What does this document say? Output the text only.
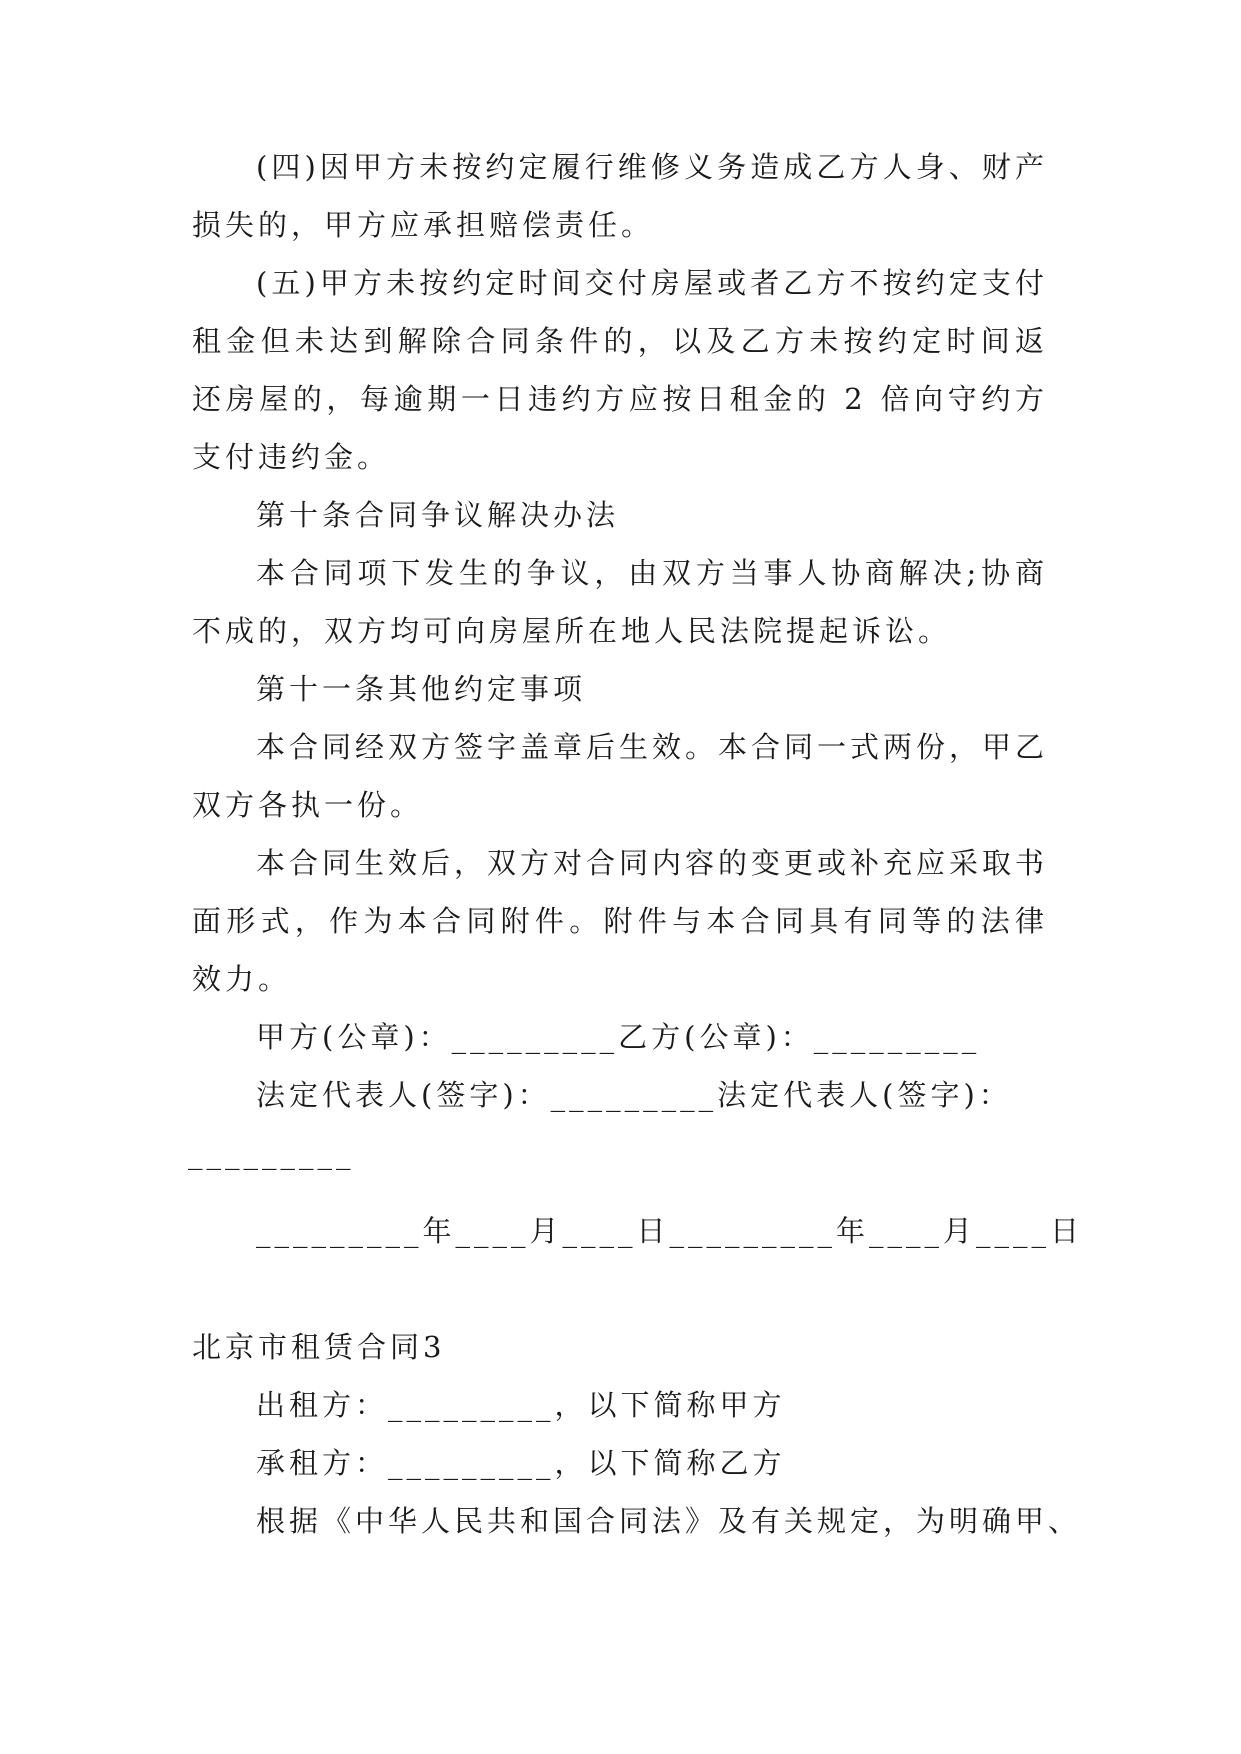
(四)因甲方未按约定履行维修义务造成乙方人身、财产损失的，甲方应承担赔偿责任。

(五)甲方未按约定时间交付房屋或者乙方不按约定支付租金但未达到解除合同条件的，以及乙方未按约定时间返还房屋的，每逾期一日违约方应按日租金的 2 倍向守约方支付违约金。

第十条合同争议解决办法

本合同项下发生的争议，由双方当事人协商解决;协商不成的，双方均可向房屋所在地人民法院提起诉讼。

第十一条其他约定事项

本合同经双方签字盖章后生效。本合同一式两份，甲乙双方各执一份。

本合同生效后，双方对合同内容的变更或补充应采取书面形式，作为本合同附件。附件与本合同具有同等的法律效力。

甲方(公章)：_________乙方(公章)：_________

法定代表人(签字)：_________法定代表人(签字)：

_________

_________年____月____日_________年____月____日

北京市租赁合同3

出租方：_________，以下简称甲方

承租方：_________，以下简称乙方

根据《中华人民共和国合同法》及有关规定，为明确甲、
